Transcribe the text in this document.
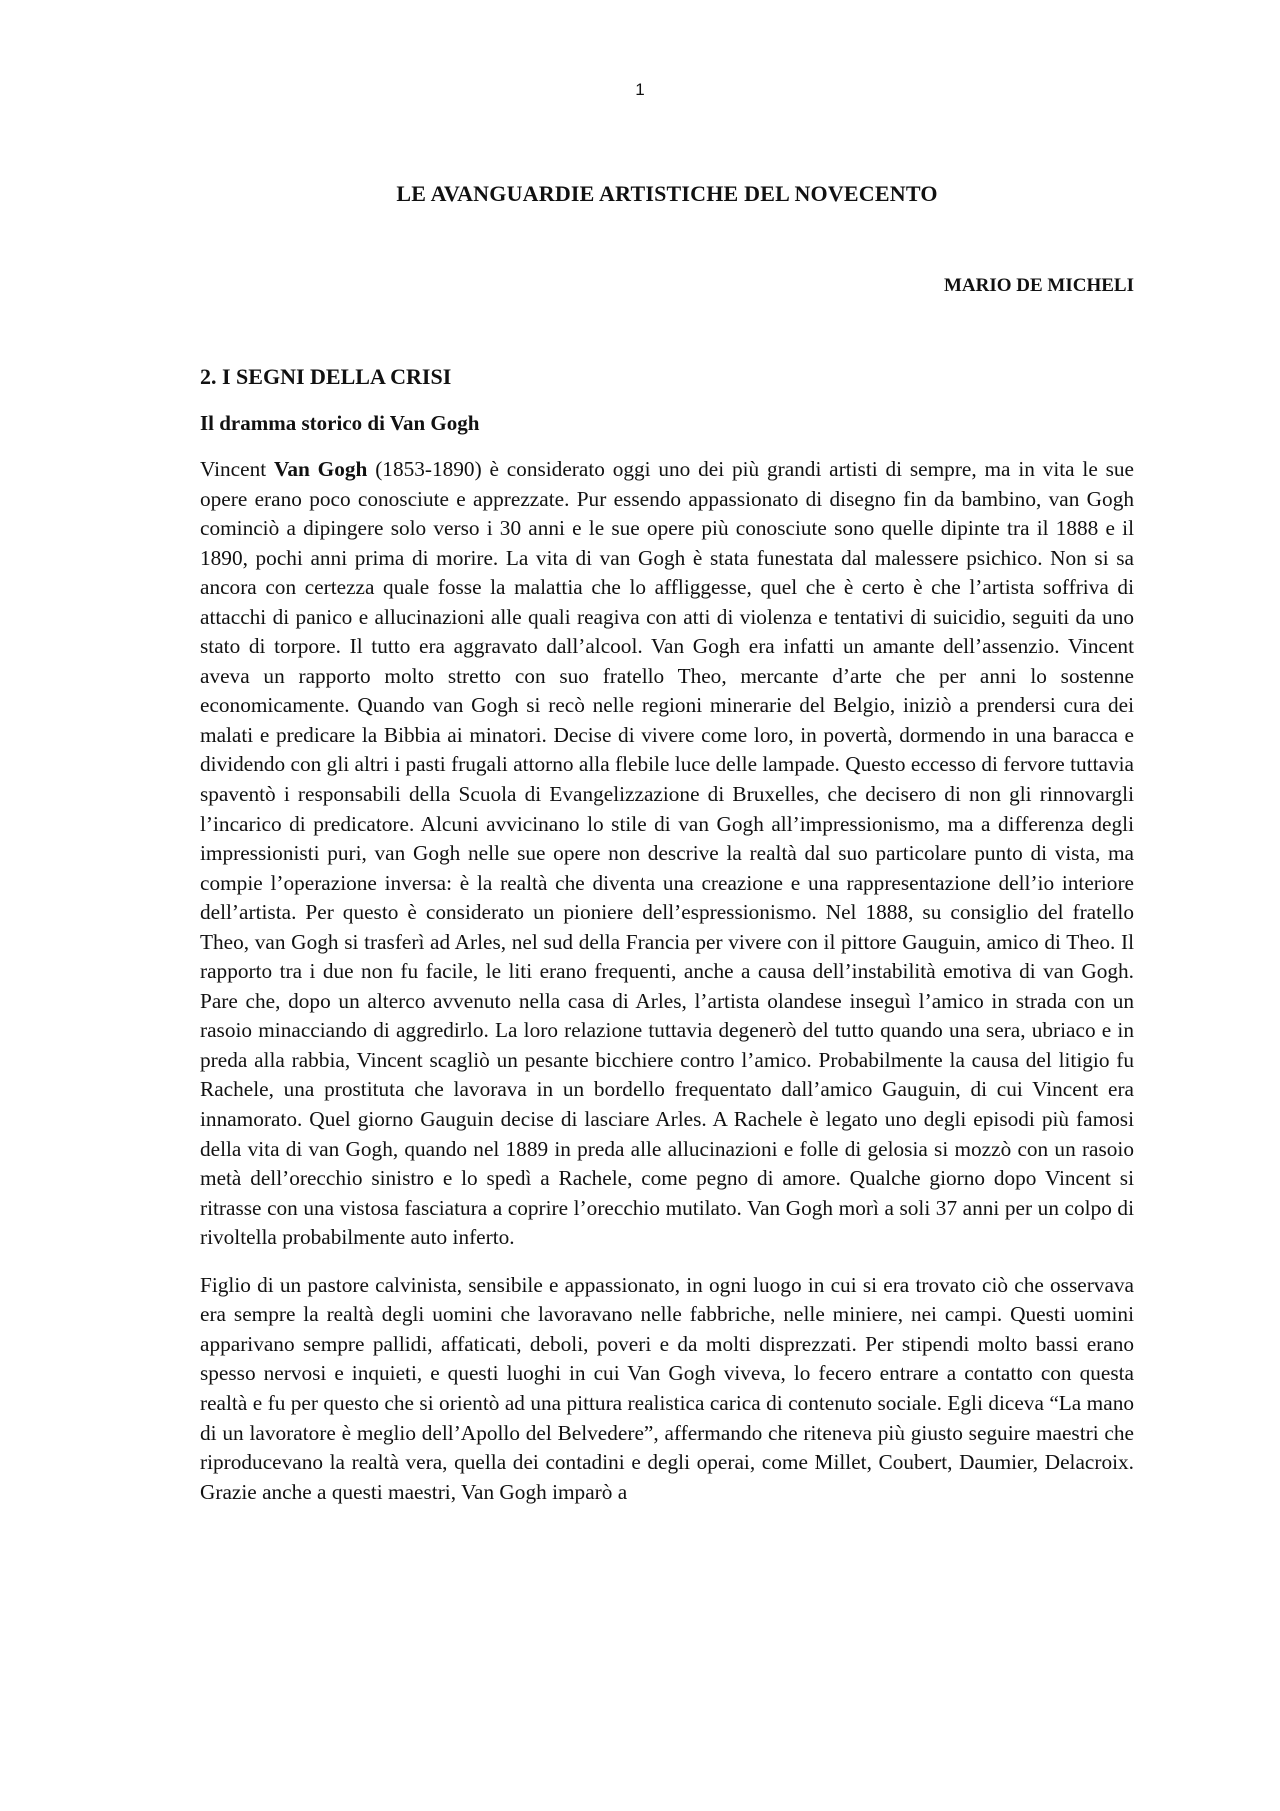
1
LE AVANGUARDIE ARTISTICHE DEL NOVECENTO
MARIO DE MICHELI
2. I SEGNI DELLA CRISI
Il dramma storico di Van Gogh

Vincent Van Gogh (1853-1890) è considerato oggi uno dei più grandi artisti di sempre, ma in vita le sue opere erano poco conosciute e apprezzate. Pur essendo appassionato di disegno fin da bambino, van Gogh cominciò a dipingere solo verso i 30 anni e le sue opere più conosciute sono quelle dipinte tra il 1888 e il 1890, pochi anni prima di morire. La vita di van Gogh è stata funestata dal malessere psichico. Non si sa ancora con certezza quale fosse la malattia che lo affliggesse, quel che è certo è che l’artista soffriva di attacchi di panico e allucinazioni alle quali reagiva con atti di violenza e tentativi di suicidio, seguiti da uno stato di torpore. Il tutto era aggravato dall’alcool. Van Gogh era infatti un amante dell’assenzio. Vincent aveva un rapporto molto stretto con suo fratello Theo, mercante d’arte che per anni lo sostenne economicamente. Quando van Gogh si recò nelle regioni minerarie del Belgio, iniziò a prendersi cura dei malati e predicare la Bibbia ai minatori. Decise di vivere come loro, in povertà, dormendo in una baracca e dividendo con gli altri i pasti frugali attorno alla flebile luce delle lampade. Questo eccesso di fervore tuttavia spaventò i responsabili della Scuola di Evangelizzazione di Bruxelles, che decisero di non gli rinnovargli l’incarico di predicatore. Alcuni avvicinano lo stile di van Gogh all’impressionismo, ma a differenza degli impressionisti puri, van Gogh nelle sue opere non descrive la realtà dal suo particolare punto di vista, ma compie l’operazione inversa: è la realtà che diventa una creazione e una rappresentazione dell’io interiore dell’artista. Per questo è considerato un pioniere dell’espressionismo. Nel 1888, su consiglio del fratello Theo, van Gogh si trasferì ad Arles, nel sud della Francia per vivere con il pittore Gauguin, amico di Theo. Il rapporto tra i due non fu facile, le liti erano frequenti, anche a causa dell’instabilità emotiva di van Gogh. Pare che, dopo un alterco avvenuto nella casa di Arles, l’artista olandese inseguì l’amico in strada con un rasoio minacciando di aggredirlo. La loro relazione tuttavia degenerò del tutto quando una sera, ubriaco e in preda alla rabbia, Vincent scagliò un pesante bicchiere contro l’amico. Probabilmente la causa del litigio fu Rachele, una prostituta che lavorava in un bordello frequentato dall’amico Gauguin, di cui Vincent era innamorato. Quel giorno Gauguin decise di lasciare Arles. A Rachele è legato uno degli episodi più famosi della vita di van Gogh, quando nel 1889 in preda alle allucinazioni e folle di gelosia si mozzò con un rasoio metà dell’orecchio sinistro e lo spedì a Rachele, come pegno di amore. Qualche giorno dopo Vincent si ritrasse con una vistosa fasciatura a coprire l’orecchio mutilato. Van Gogh morì a soli 37 anni per un colpo di rivoltella probabilmente auto inferto.

Figlio di un pastore calvinista, sensibile e appassionato, in ogni luogo in cui si era trovato ciò che osservava era sempre la realtà degli uomini che lavoravano nelle fabbriche, nelle miniere, nei campi. Questi uomini apparivano sempre pallidi, affaticati, deboli, poveri e da molti disprezzati. Per stipendi molto bassi erano spesso nervosi e inquieti, e questi luoghi in cui Van Gogh viveva, lo fecero entrare a contatto con questa realtà e fu per questo che si orientò ad una pittura realistica carica di contenuto sociale. Egli diceva “La mano di un lavoratore è meglio dell’Apollo del Belvedere”, affermando che riteneva più giusto seguire maestri che riproducevano la realtà vera, quella dei contadini e degli operai, come Millet, Coubert, Daumier, Delacroix. Grazie anche a questi maestri, Van Gogh imparò a
